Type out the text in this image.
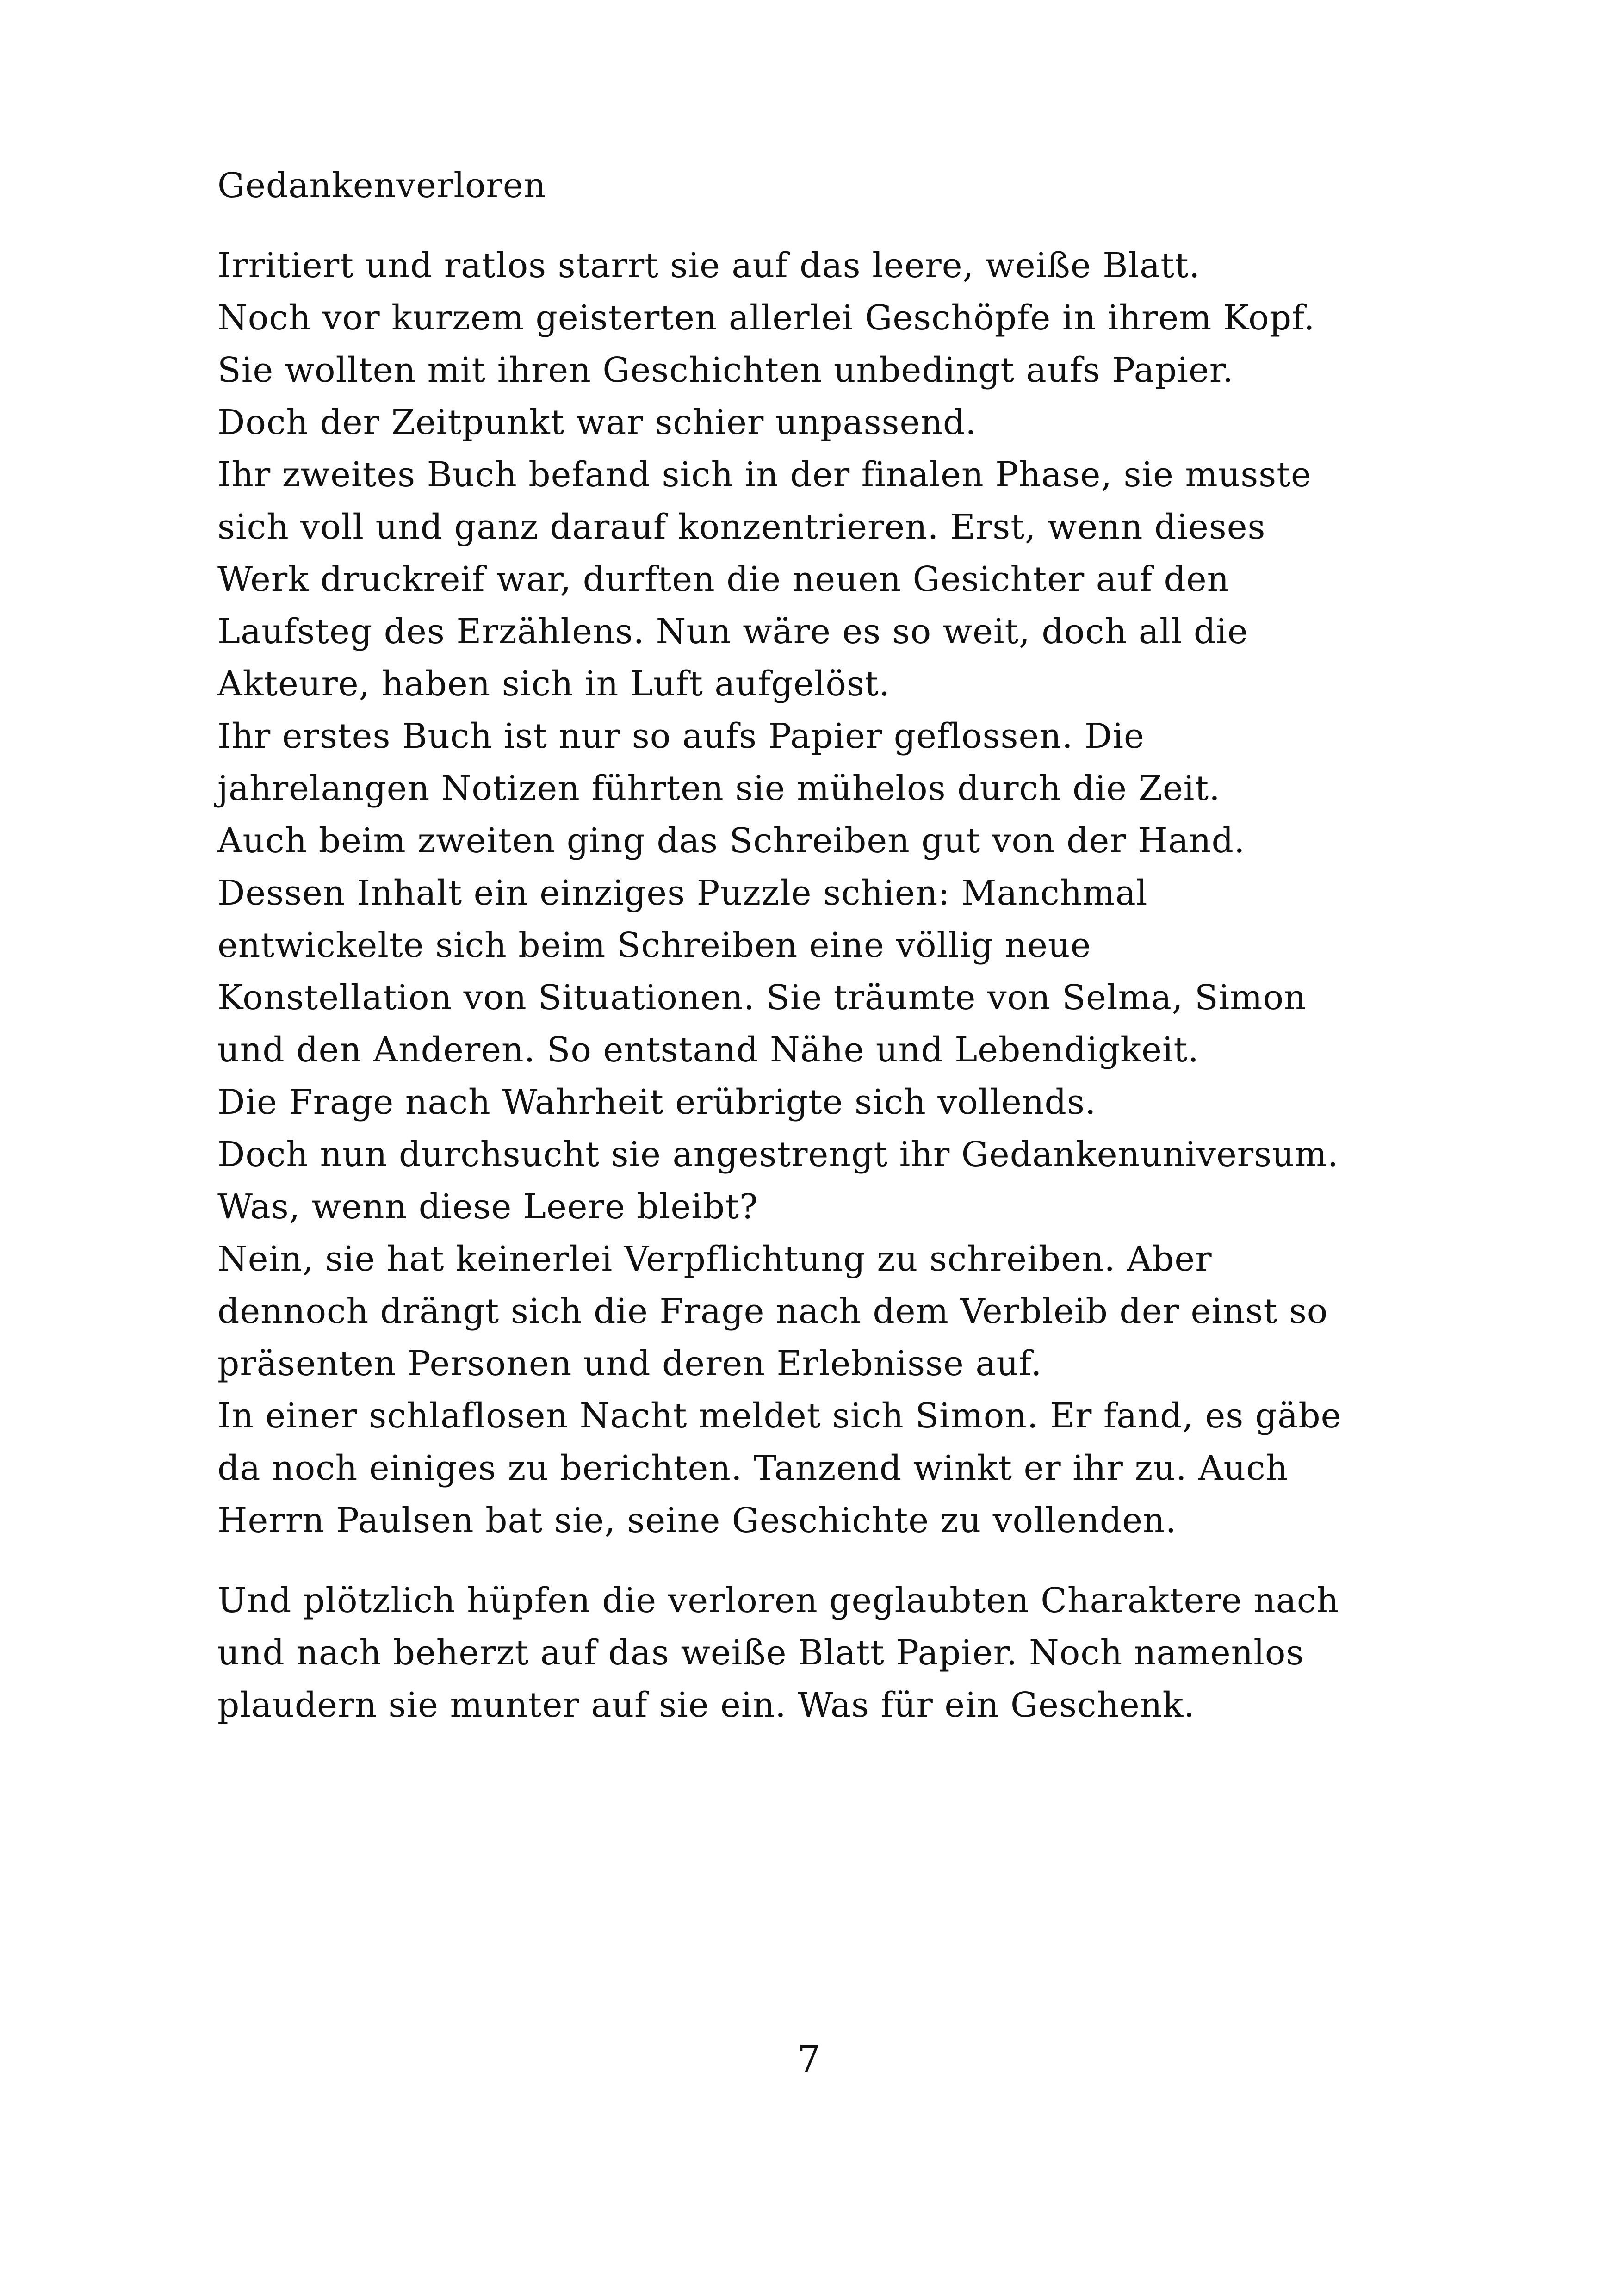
Gedankenverloren

Irritiert und ratlos starrt sie auf das leere, weiße Blatt.
Noch vor kurzem geisterten allerlei Geschöpfe in ihrem Kopf.
Sie wollten mit ihren Geschichten unbedingt aufs Papier.
Doch der Zeitpunkt war schier unpassend.
Ihr zweites Buch befand sich in der finalen Phase, sie musste
sich voll und ganz darauf konzentrieren. Erst, wenn dieses
Werk druckreif war, durften die neuen Gesichter auf den
Laufsteg des Erzählens. Nun wäre es so weit, doch all die
Akteure, haben sich in Luft aufgelöst.
Ihr erstes Buch ist nur so aufs Papier geflossen. Die
jahrelangen Notizen führten sie mühelos durch die Zeit.
Auch beim zweiten ging das Schreiben gut von der Hand.
Dessen Inhalt ein einziges Puzzle schien: Manchmal
entwickelte sich beim Schreiben eine völlig neue
Konstellation von Situationen. Sie träumte von Selma, Simon
und den Anderen. So entstand Nähe und Lebendigkeit.
Die Frage nach Wahrheit erübrigte sich vollends.
Doch nun durchsucht sie angestrengt ihr Gedankenuniversum.
Was, wenn diese Leere bleibt?
Nein, sie hat keinerlei Verpflichtung zu schreiben. Aber
dennoch drängt sich die Frage nach dem Verbleib der einst so
präsenten Personen und deren Erlebnisse auf.
In einer schlaflosen Nacht meldet sich Simon. Er fand, es gäbe
da noch einiges zu berichten. Tanzend winkt er ihr zu. Auch
Herrn Paulsen bat sie, seine Geschichte zu vollenden.

Und plötzlich hüpfen die verloren geglaubten Charaktere nach
und nach beherzt auf das weiße Blatt Papier. Noch namenlos
plaudern sie munter auf sie ein. Was für ein Geschenk.

7
